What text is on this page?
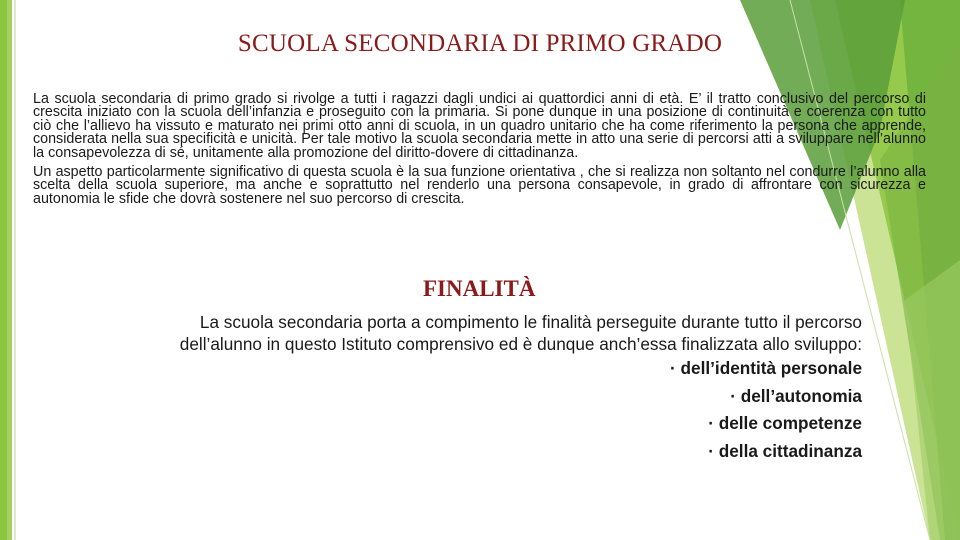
SCUOLA SECONDARIA DI PRIMO GRADO

La scuola secondaria di primo grado si rivolge a tutti i ragazzi dagli undici ai quattordici anni di età. E’ il tratto conclusivo del percorso di crescita iniziato con la scuola dell’infanzia e proseguito con la primaria. Si pone dunque in una posizione di continuità e coerenza con tutto ciò che l’allievo ha vissuto e maturato nei primi otto anni di scuola, in un quadro unitario che ha come riferimento la persona che apprende, considerata nella sua specificità e unicità. Per tale motivo la scuola secondaria mette in atto una serie di percorsi atti a sviluppare nell’alunno la consapevolezza di sé, unitamente alla promozione del diritto-dovere di cittadinanza.

Un aspetto particolarmente significativo di questa scuola è la sua funzione orientativa , che si realizza non soltanto nel condurre l’alunno alla scelta della scuola superiore, ma anche e soprattutto nel renderlo una persona consapevole, in grado di affrontare con sicurezza e autonomia le sfide che dovrà sostenere nel suo percorso di crescita.

FINALITÀ

La scuola secondaria porta a compimento le finalità perseguite durante tutto il percorso dell’alunno in questo Istituto comprensivo ed è dunque anch’essa finalizzata allo sviluppo:

· dell’identità personale
· dell’autonomia
· delle competenze
· della cittadinanza
